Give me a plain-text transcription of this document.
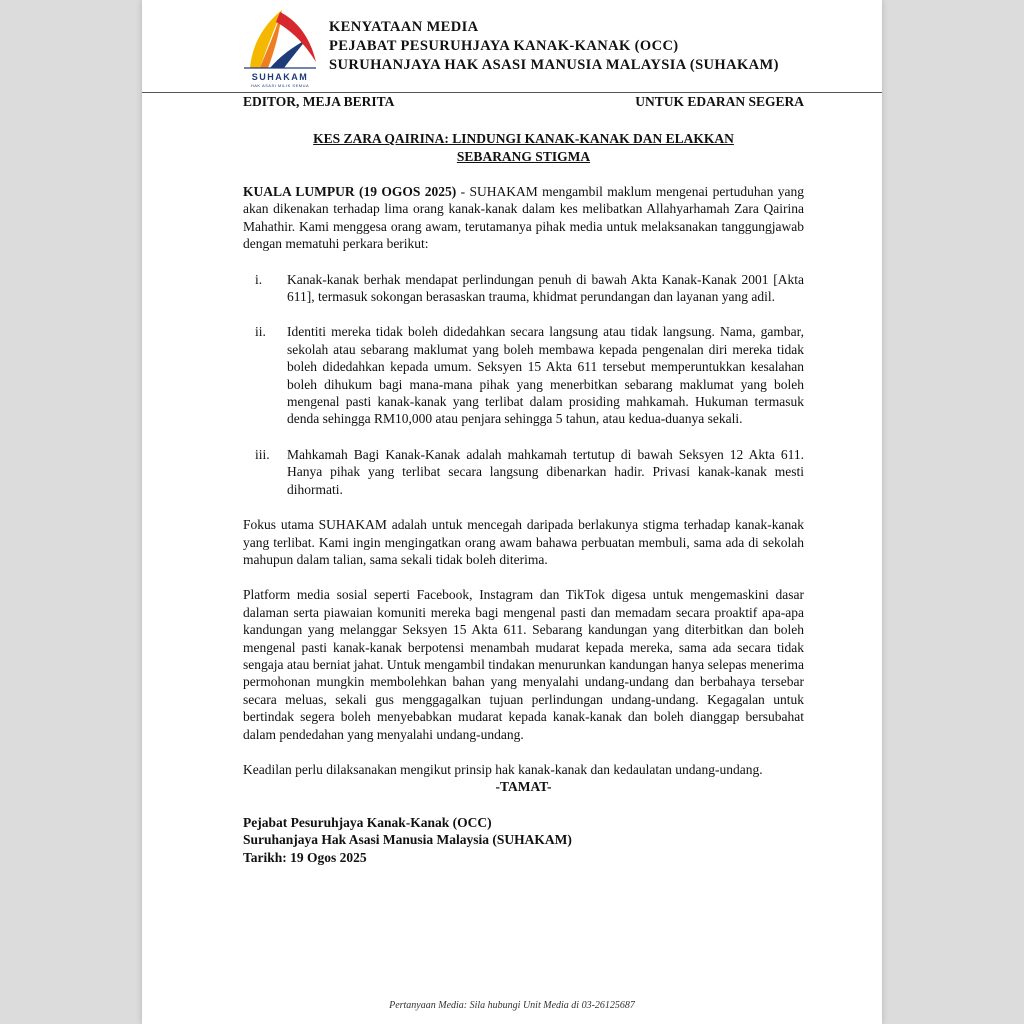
SUHAKAM
HAK ASASI MILIK SEMUA
KENYATAAN MEDIA
PEJABAT PESURUHJAYA KANAK-KANAK (OCC)
SURUHANJAYA HAK ASASI MANUSIA MALAYSIA (SUHAKAM)
EDITOR, MEJA BERITA	UNTUK EDARAN SEGERA
KES ZARA QAIRINA: LINDUNGI KANAK-KANAK DAN ELAKKAN
SEBARANG STIGMA

KUALA LUMPUR (19 OGOS 2025) - SUHAKAM mengambil maklum mengenai pertuduhan yang akan dikenakan terhadap lima orang kanak-kanak dalam kes melibatkan Allahyarhamah Zara Qairina Mahathir. Kami menggesa orang awam, terutamanya pihak media untuk melaksanakan tanggungjawab dengan mematuhi perkara berikut:

i. Kanak-kanak berhak mendapat perlindungan penuh di bawah Akta Kanak-Kanak 2001 [Akta 611], termasuk sokongan berasaskan trauma, khidmat perundangan dan layanan yang adil.
ii. Identiti mereka tidak boleh didedahkan secara langsung atau tidak langsung. Nama, gambar, sekolah atau sebarang maklumat yang boleh membawa kepada pengenalan diri mereka tidak boleh didedahkan kepada umum. Seksyen 15 Akta 611 tersebut memperuntukkan kesalahan boleh dihukum bagi mana-mana pihak yang menerbitkan sebarang maklumat yang boleh mengenal pasti kanak-kanak yang terlibat dalam prosiding mahkamah. Hukuman termasuk denda sehingga RM10,000 atau penjara sehingga 5 tahun, atau kedua-duanya sekali.
iii. Mahkamah Bagi Kanak-Kanak adalah mahkamah tertutup di bawah Seksyen 12 Akta 611. Hanya pihak yang terlibat secara langsung dibenarkan hadir. Privasi kanak-kanak mesti dihormati.

Fokus utama SUHAKAM adalah untuk mencegah daripada berlakunya stigma terhadap kanak-kanak yang terlibat. Kami ingin mengingatkan orang awam bahawa perbuatan membuli, sama ada di sekolah mahupun dalam talian, sama sekali tidak boleh diterima.

Platform media sosial seperti Facebook, Instagram dan TikTok digesa untuk mengemaskini dasar dalaman serta piawaian komuniti mereka bagi mengenal pasti dan memadam secara proaktif apa-apa kandungan yang melanggar Seksyen 15 Akta 611. Sebarang kandungan yang diterbitkan dan boleh mengenal pasti kanak-kanak berpotensi menambah mudarat kepada mereka, sama ada secara tidak sengaja atau berniat jahat. Untuk mengambil tindakan menurunkan kandungan hanya selepas menerima permohonan mungkin membolehkan bahan yang menyalahi undang-undang dan berbahaya tersebar secara meluas, sekali gus menggagalkan tujuan perlindungan undang-undang. Kegagalan untuk bertindak segera boleh menyebabkan mudarat kepada kanak-kanak dan boleh dianggap bersubahat dalam pendedahan yang menyalahi undang-undang.

Keadilan perlu dilaksanakan mengikut prinsip hak kanak-kanak dan kedaulatan undang-undang.

-TAMAT-

Pejabat Pesuruhjaya Kanak-Kanak (OCC)
Suruhanjaya Hak Asasi Manusia Malaysia (SUHAKAM)
Tarikh: 19 Ogos 2025
Pertanyaan Media: Sila hubungi Unit Media di 03-26125687
